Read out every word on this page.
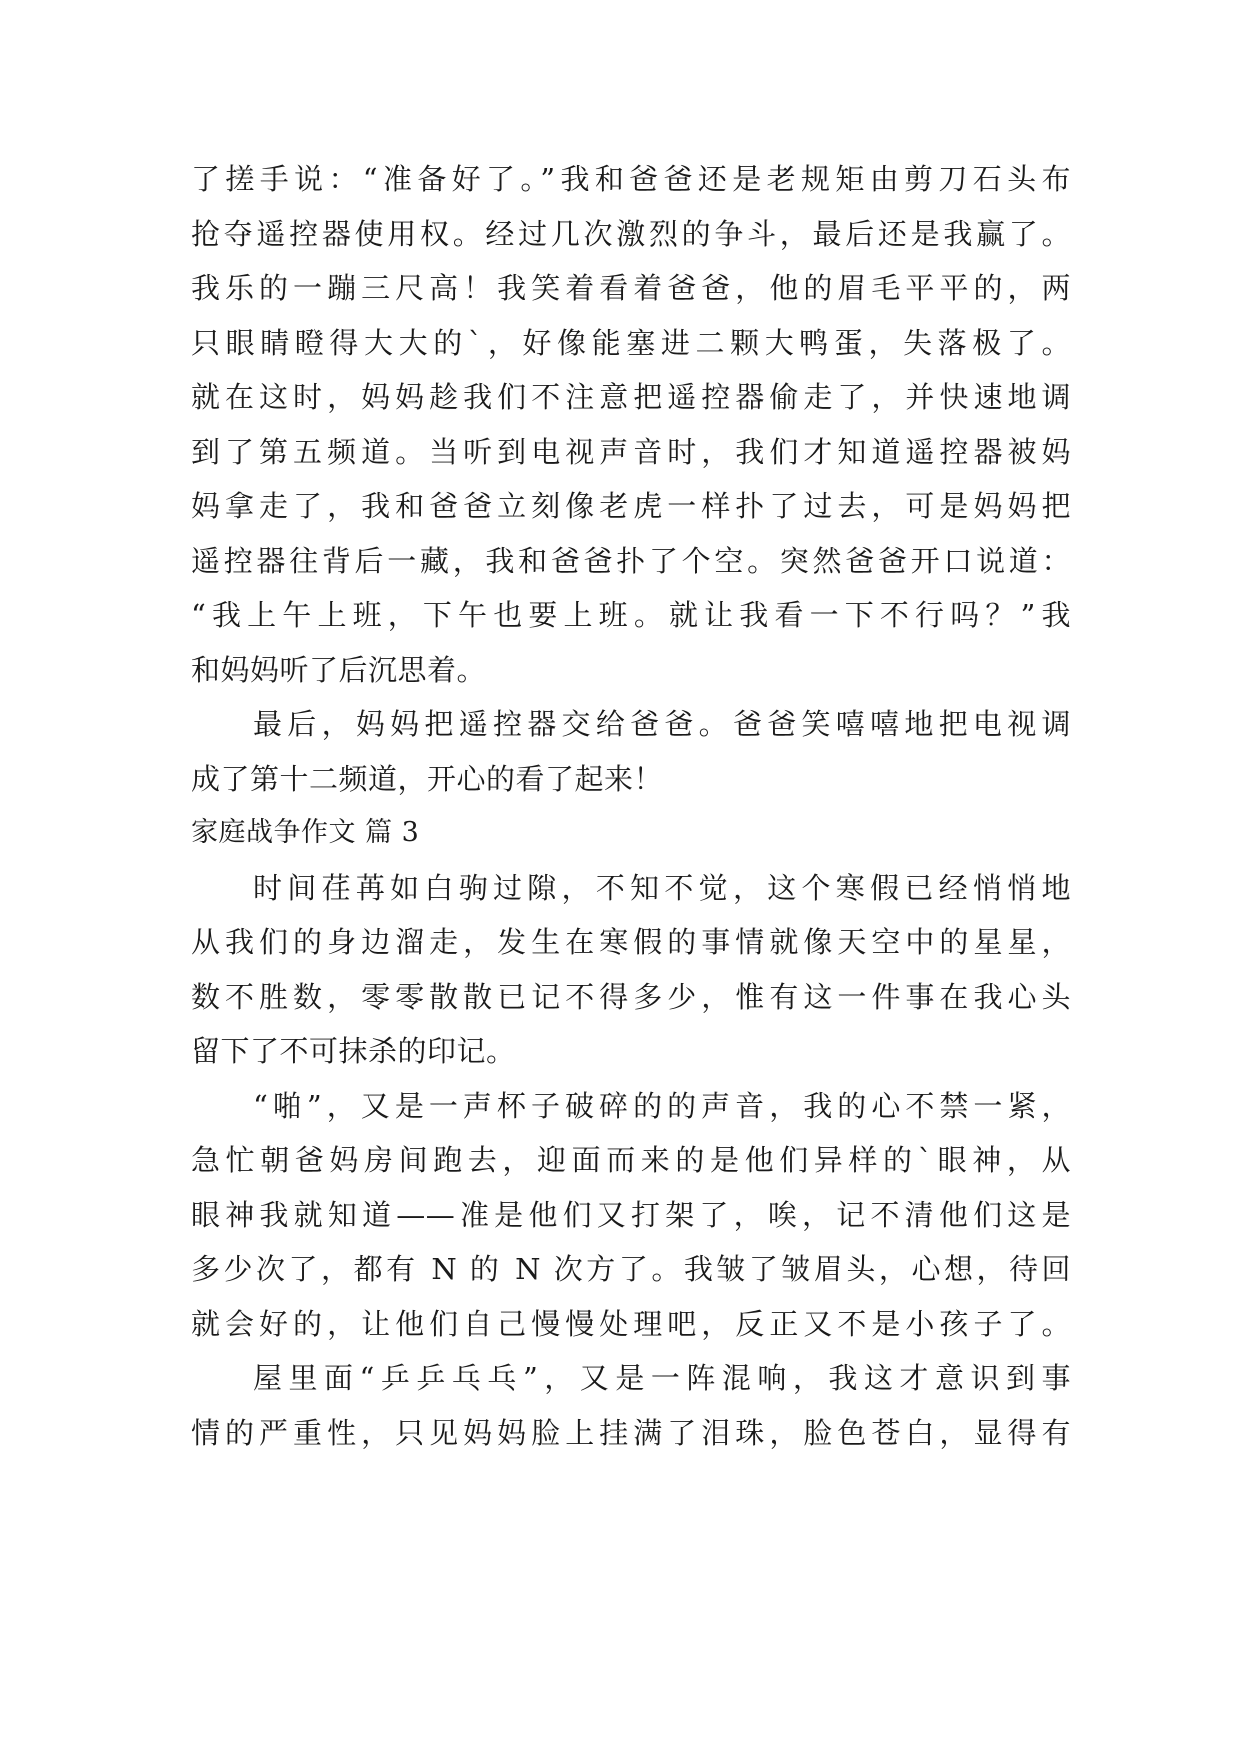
了搓手说：“准备好了。”我和爸爸还是老规矩由剪刀石头布
抢夺遥控器使用权。经过几次激烈的争斗，最后还是我赢了。
我乐的一蹦三尺高！我笑着看着爸爸，他的眉毛平平的，两
只眼睛瞪得大大的`，好像能塞进二颗大鸭蛋，失落极了。
就在这时，妈妈趁我们不注意把遥控器偷走了，并快速地调
到了第五频道。当听到电视声音时，我们才知道遥控器被妈
妈拿走了，我和爸爸立刻像老虎一样扑了过去，可是妈妈把
遥控器往背后一藏，我和爸爸扑了个空。突然爸爸开口说道：
“我上午上班，下午也要上班。就让我看一下不行吗？”我
和妈妈听了后沉思着。
最后，妈妈把遥控器交给爸爸。爸爸笑嘻嘻地把电视调
成了第十二频道，开心的看了起来！
家庭战争作文 篇 3
时间荏苒如白驹过隙，不知不觉，这个寒假已经悄悄地
从我们的身边溜走，发生在寒假的事情就像天空中的星星，
数不胜数，零零散散已记不得多少，惟有这一件事在我心头
留下了不可抹杀的印记。
“啪”，又是一声杯子破碎的的声音，我的心不禁一紧，
急忙朝爸妈房间跑去，迎面而来的是他们异样的`眼神，从
眼神我就知道——准是他们又打架了，唉，记不清他们这是
多少次了，都有 N 的 N 次方了。我皱了皱眉头，心想，待回
就会好的，让他们自己慢慢处理吧，反正又不是小孩子了。
屋里面“乒乒乓乓”，又是一阵混响，我这才意识到事
情的严重性，只见妈妈脸上挂满了泪珠，脸色苍白，显得有
